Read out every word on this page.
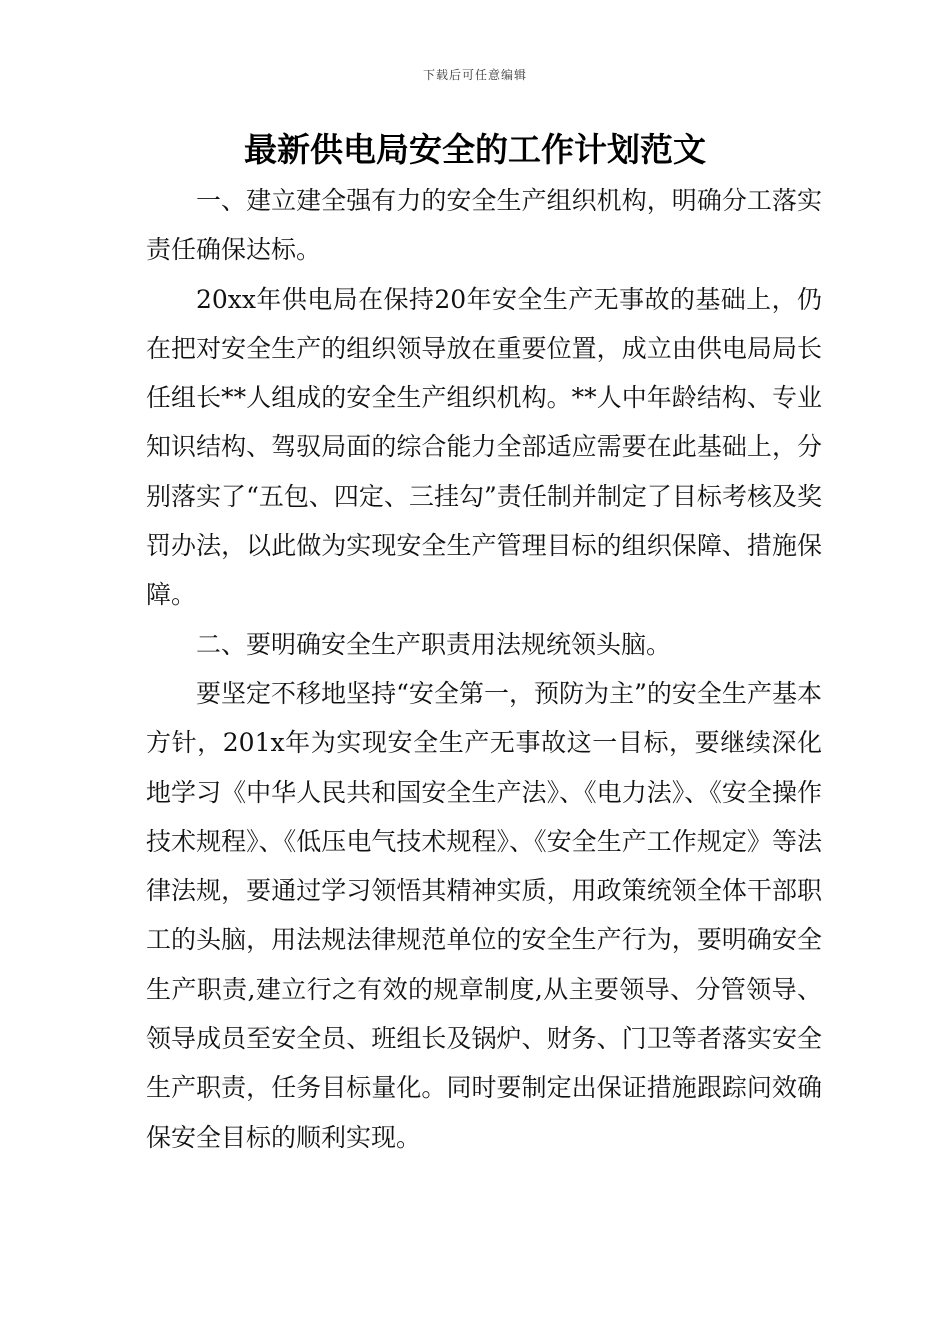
下载后可任意编辑
最新供电局安全的工作计划范文

一、建立建全强有力的安全生产组织机构，明确分工落实责任确保达标。

20xx年供电局在保持20年安全生产无事故的基础上，仍在把对安全生产的组织领导放在重要位置，成立由供电局局长任组长**人组成的安全生产组织机构。**人中年龄结构、专业知识结构、驾驭局面的综合能力全部适应需要在此基础上，分别落实了“五包、四定、三挂勾”责任制并制定了目标考核及奖罚办法，以此做为实现安全生产管理目标的组织保障、措施保障。

二、要明确安全生产职责用法规统领头脑。

要坚定不移地坚持“安全第一，预防为主”的安全生产基本方针，201x年为实现安全生产无事故这一目标，要继续深化地学习《中华人民共和国安全生产法》、《电力法》、《安全操作技术规程》、《低压电气技术规程》、《安全生产工作规定》等法律法规，要通过学习领悟其精神实质，用政策统领全体干部职工的头脑，用法规法律规范单位的安全生产行为，要明确安全生产职责,建立行之有效的规章制度,从主要领导、分管领导、领导成员至安全员、班组长及锅炉、财务、门卫等者落实安全生产职责，任务目标量化。同时要制定出保证措施跟踪问效确保安全目标的顺利实现。
